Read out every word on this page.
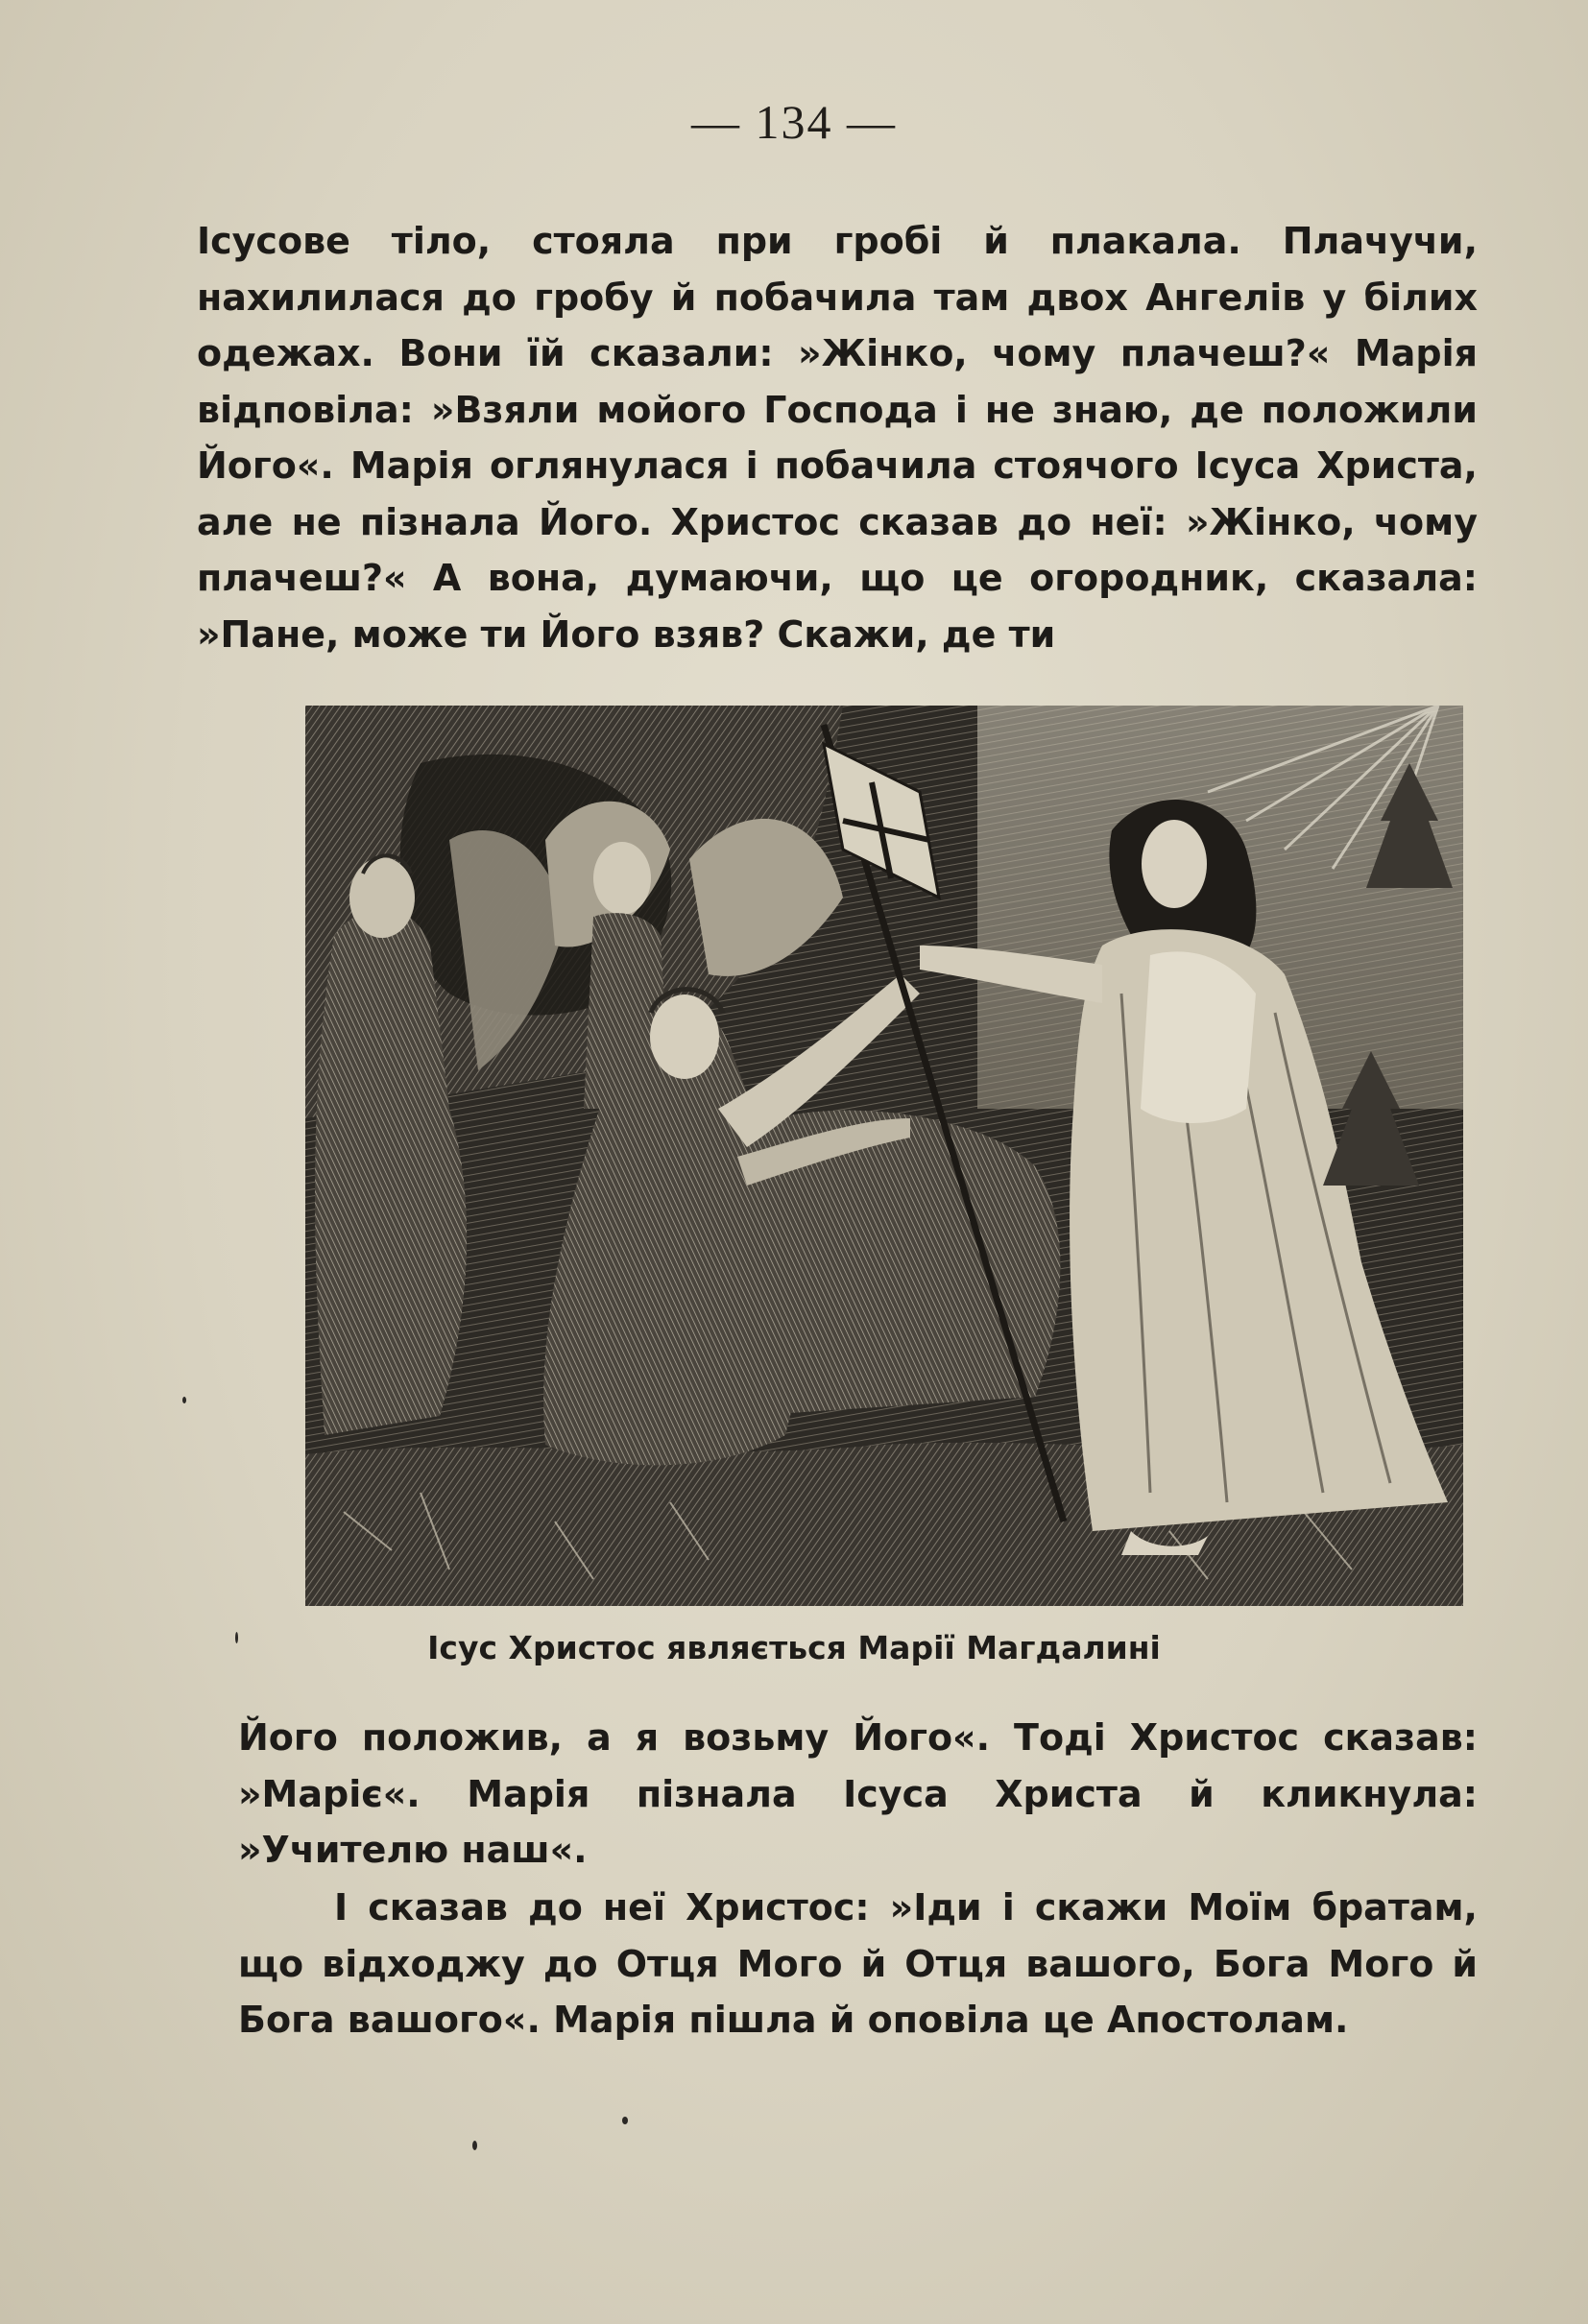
— 134 —
Ісусове тіло, стояла при гробі й плакала. Плачучи, нахилилася до гробу й побачила там двох Ангелів у білих одежах. Вони їй сказали: »Жінко, чому плачеш?« Марія відповіла: »Взяли мойого Господа і не знаю, де положили Його«. Марія оглянулася і побачила стоячого Ісуса Христа, але не пізнала Його. Христос сказав до неї: »Жінко, чому плачеш?« А вона, думаючи, що це огородник, сказала: »Пане, може ти Його взяв? Скажи, де ти
Ісус Христос являється Марії Магдалині
Його положив, а я возьму Його«. Тоді Христос сказав: »Маріє«. Марія пізнала Ісуса Христа й кликнула: »Учителю наш«.
І сказав до неї Христос: »Іди і скажи Моїм братам, що відходжу до Отця Мого й Отця вашого, Бога Мого й Бога вашого«. Марія пішла й оповіла це Апостолам.
